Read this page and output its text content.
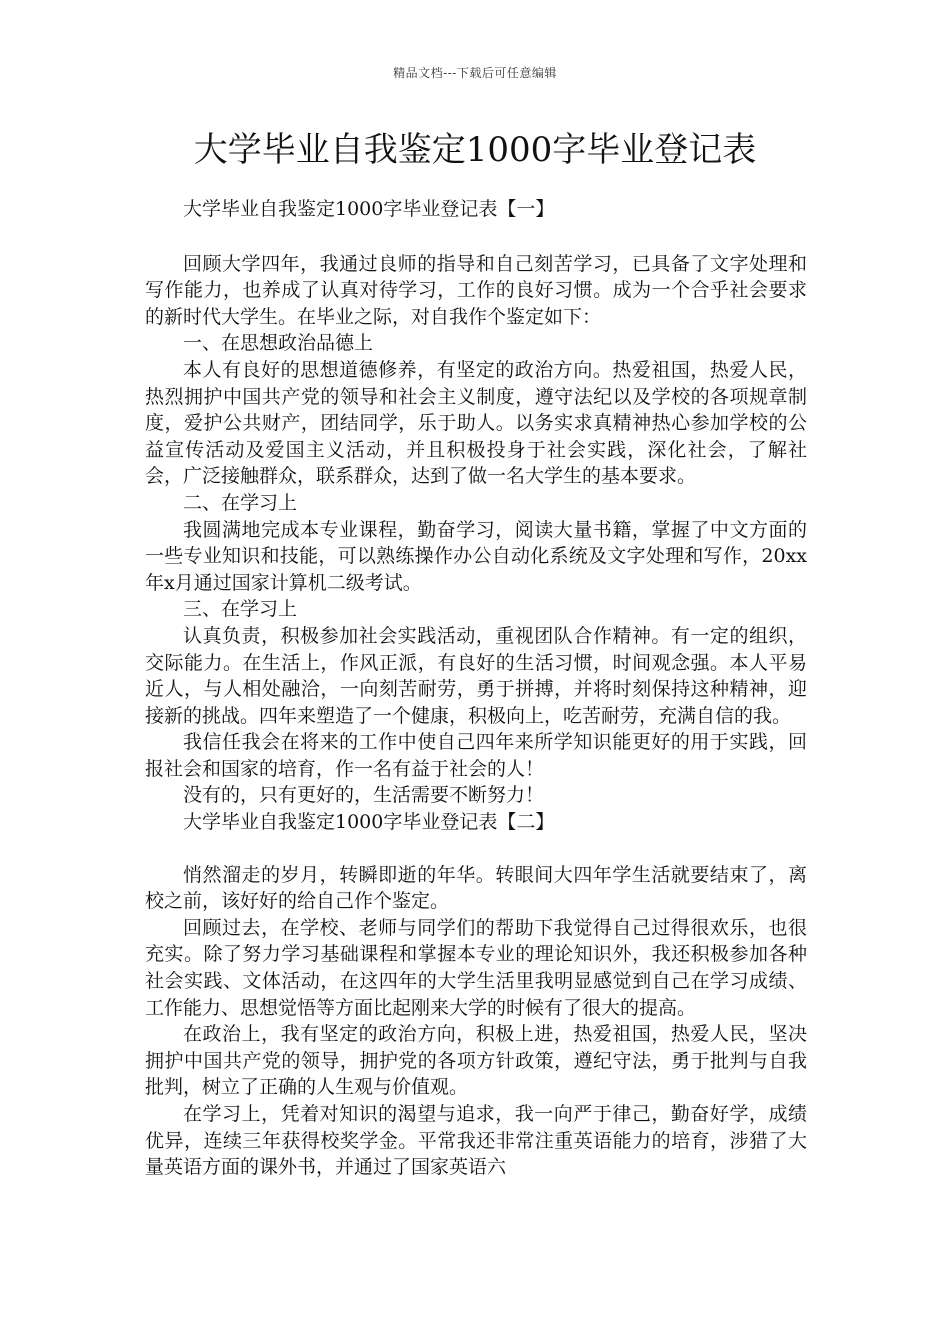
精品文档---下载后可任意编辑
大学毕业自我鉴定1000字毕业登记表

大学毕业自我鉴定1000字毕业登记表【一】

回顾大学四年，我通过良师的指导和自己刻苦学习，已具备了文字处理和写作能力，也养成了认真对待学习，工作的良好习惯。成为一个合乎社会要求的新时代大学生。在毕业之际，对自我作个鉴定如下：

一、在思想政治品德上

本人有良好的思想道德修养，有坚定的政治方向。热爱祖国，热爱人民，热烈拥护中国共产党的领导和社会主义制度，遵守法纪以及学校的各项规章制度，爱护公共财产，团结同学，乐于助人。以务实求真精神热心参加学校的公益宣传活动及爱国主义活动，并且积极投身于社会实践，深化社会，了解社会，广泛接触群众，联系群众，达到了做一名大学生的基本要求。

二、在学习上

我圆满地完成本专业课程，勤奋学习，阅读大量书籍，掌握了中文方面的一些专业知识和技能，可以熟练操作办公自动化系统及文字处理和写作，20xx年x月通过国家计算机二级考试。

三、在学习上

认真负责，积极参加社会实践活动，重视团队合作精神。有一定的组织，交际能力。在生活上，作风正派，有良好的生活习惯，时间观念强。本人平易近人，与人相处融洽，一向刻苦耐劳，勇于拼搏，并将时刻保持这种精神，迎接新的挑战。四年来塑造了一个健康，积极向上，吃苦耐劳，充满自信的我。

我信任我会在将来的工作中使自己四年来所学知识能更好的用于实践，回报社会和国家的培育，作一名有益于社会的人！

没有的，只有更好的，生活需要不断努力！

大学毕业自我鉴定1000字毕业登记表【二】

悄然溜走的岁月，转瞬即逝的年华。转眼间大四年学生活就要结束了，离校之前，该好好的给自己作个鉴定。

回顾过去，在学校、老师与同学们的帮助下我觉得自己过得很欢乐，也很充实。除了努力学习基础课程和掌握本专业的理论知识外，我还积极参加各种社会实践、文体活动，在这四年的大学生活里我明显感觉到自己在学习成绩、工作能力、思想觉悟等方面比起刚来大学的时候有了很大的提高。

在政治上，我有坚定的政治方向，积极上进，热爱祖国，热爱人民，坚决拥护中国共产党的领导，拥护党的各项方针政策，遵纪守法，勇于批判与自我批判，树立了正确的人生观与价值观。

在学习上，凭着对知识的渴望与追求，我一向严于律己，勤奋好学，成绩优异，连续三年获得校奖学金。平常我还非常注重英语能力的培育，涉猎了大量英语方面的课外书，并通过了国家英语六
